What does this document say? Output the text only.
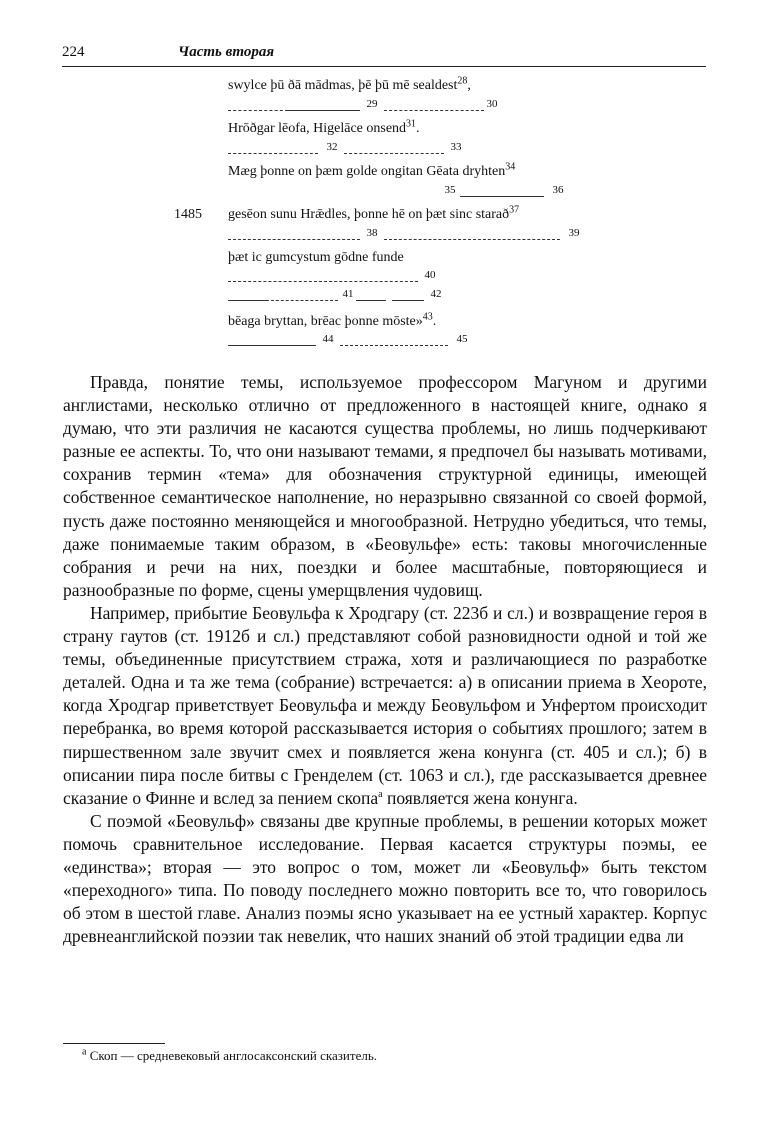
224	Часть вторая
swylce þū ðā mādmas, þē þū mē sealdest$^{28}$,
29	30
Hrōðgar lēofa, Higelāce onsend$^{31}$.
32	33
Mæg þonne on þæm golde ongitan Gēata dryhten$^{34}$
35	36
1485 gesēon sunu Hrǣdles, þonne hē on þæt sinc starað$^{37}$
38	39
þæt ic gumcystum gōdne funde
40
41	42
bēaga bryttan, brēac þonne mōste»$^{43}$.
44	45

Правда, понятие темы, используемое профессором Магуном и другими англистами, несколько отлично от предложенного в настоящей книге, однако я думаю, что эти различия не касаются существа проблемы, но лишь подчеркивают разные ее аспекты. То, что они называют темами, я предпочел бы называть мотивами, сохранив термин «тема» для обозначения структурной единицы, имеющей собственное семантическое наполнение, но неразрывно связанной со своей формой, пусть даже постоянно меняющейся и многообразной. Нетрудно убедиться, что темы, даже понимаемые таким образом, в «Беовульфе» есть: таковы многочисленные собрания и речи на них, поездки и более масштабные, повторяющиеся и разнообразные по форме, сцены умерщвления чудовищ.

Например, прибытие Беовульфа к Хродгару (ст. 223б и сл.) и возвращение героя в страну гаутов (ст. 1912б и сл.) представляют собой разновидности одной и той же темы, объединенные присутствием стража, хотя и различающиеся по разработке деталей. Одна и та же тема (собрание) встречается: а) в описании приема в Хеороте, когда Хродгар приветствует Беовульфа и между Беовульфом и Унфертом происходит перебранка, во время которой рассказывается история о событиях прошлого; затем в пиршественном зале звучит смех и появляется жена конунга (ст. 405 и сл.); б) в описании пира после битвы с Гренделем (ст. 1063 и сл.), где рассказывается древнее сказание о Финне и вслед за пением скопа$^а$ появляется жена конунга.

С поэмой «Беовульф» связаны две крупные проблемы, в решении которых может помочь сравнительное исследование. Первая касается структуры поэмы, ее «единства»; вторая — это вопрос о том, может ли «Беовульф» быть текстом «переходного» типа. По поводу последнего можно повторить все то, что говорилось об этом в шестой главе. Анализ поэмы ясно указывает на ее устный характер. Корпус древнеанглийской поэзии так невелик, что наших знаний об этой традиции едва ли

$^а$ Скоп — средневековый англосаксонский сказитель.
